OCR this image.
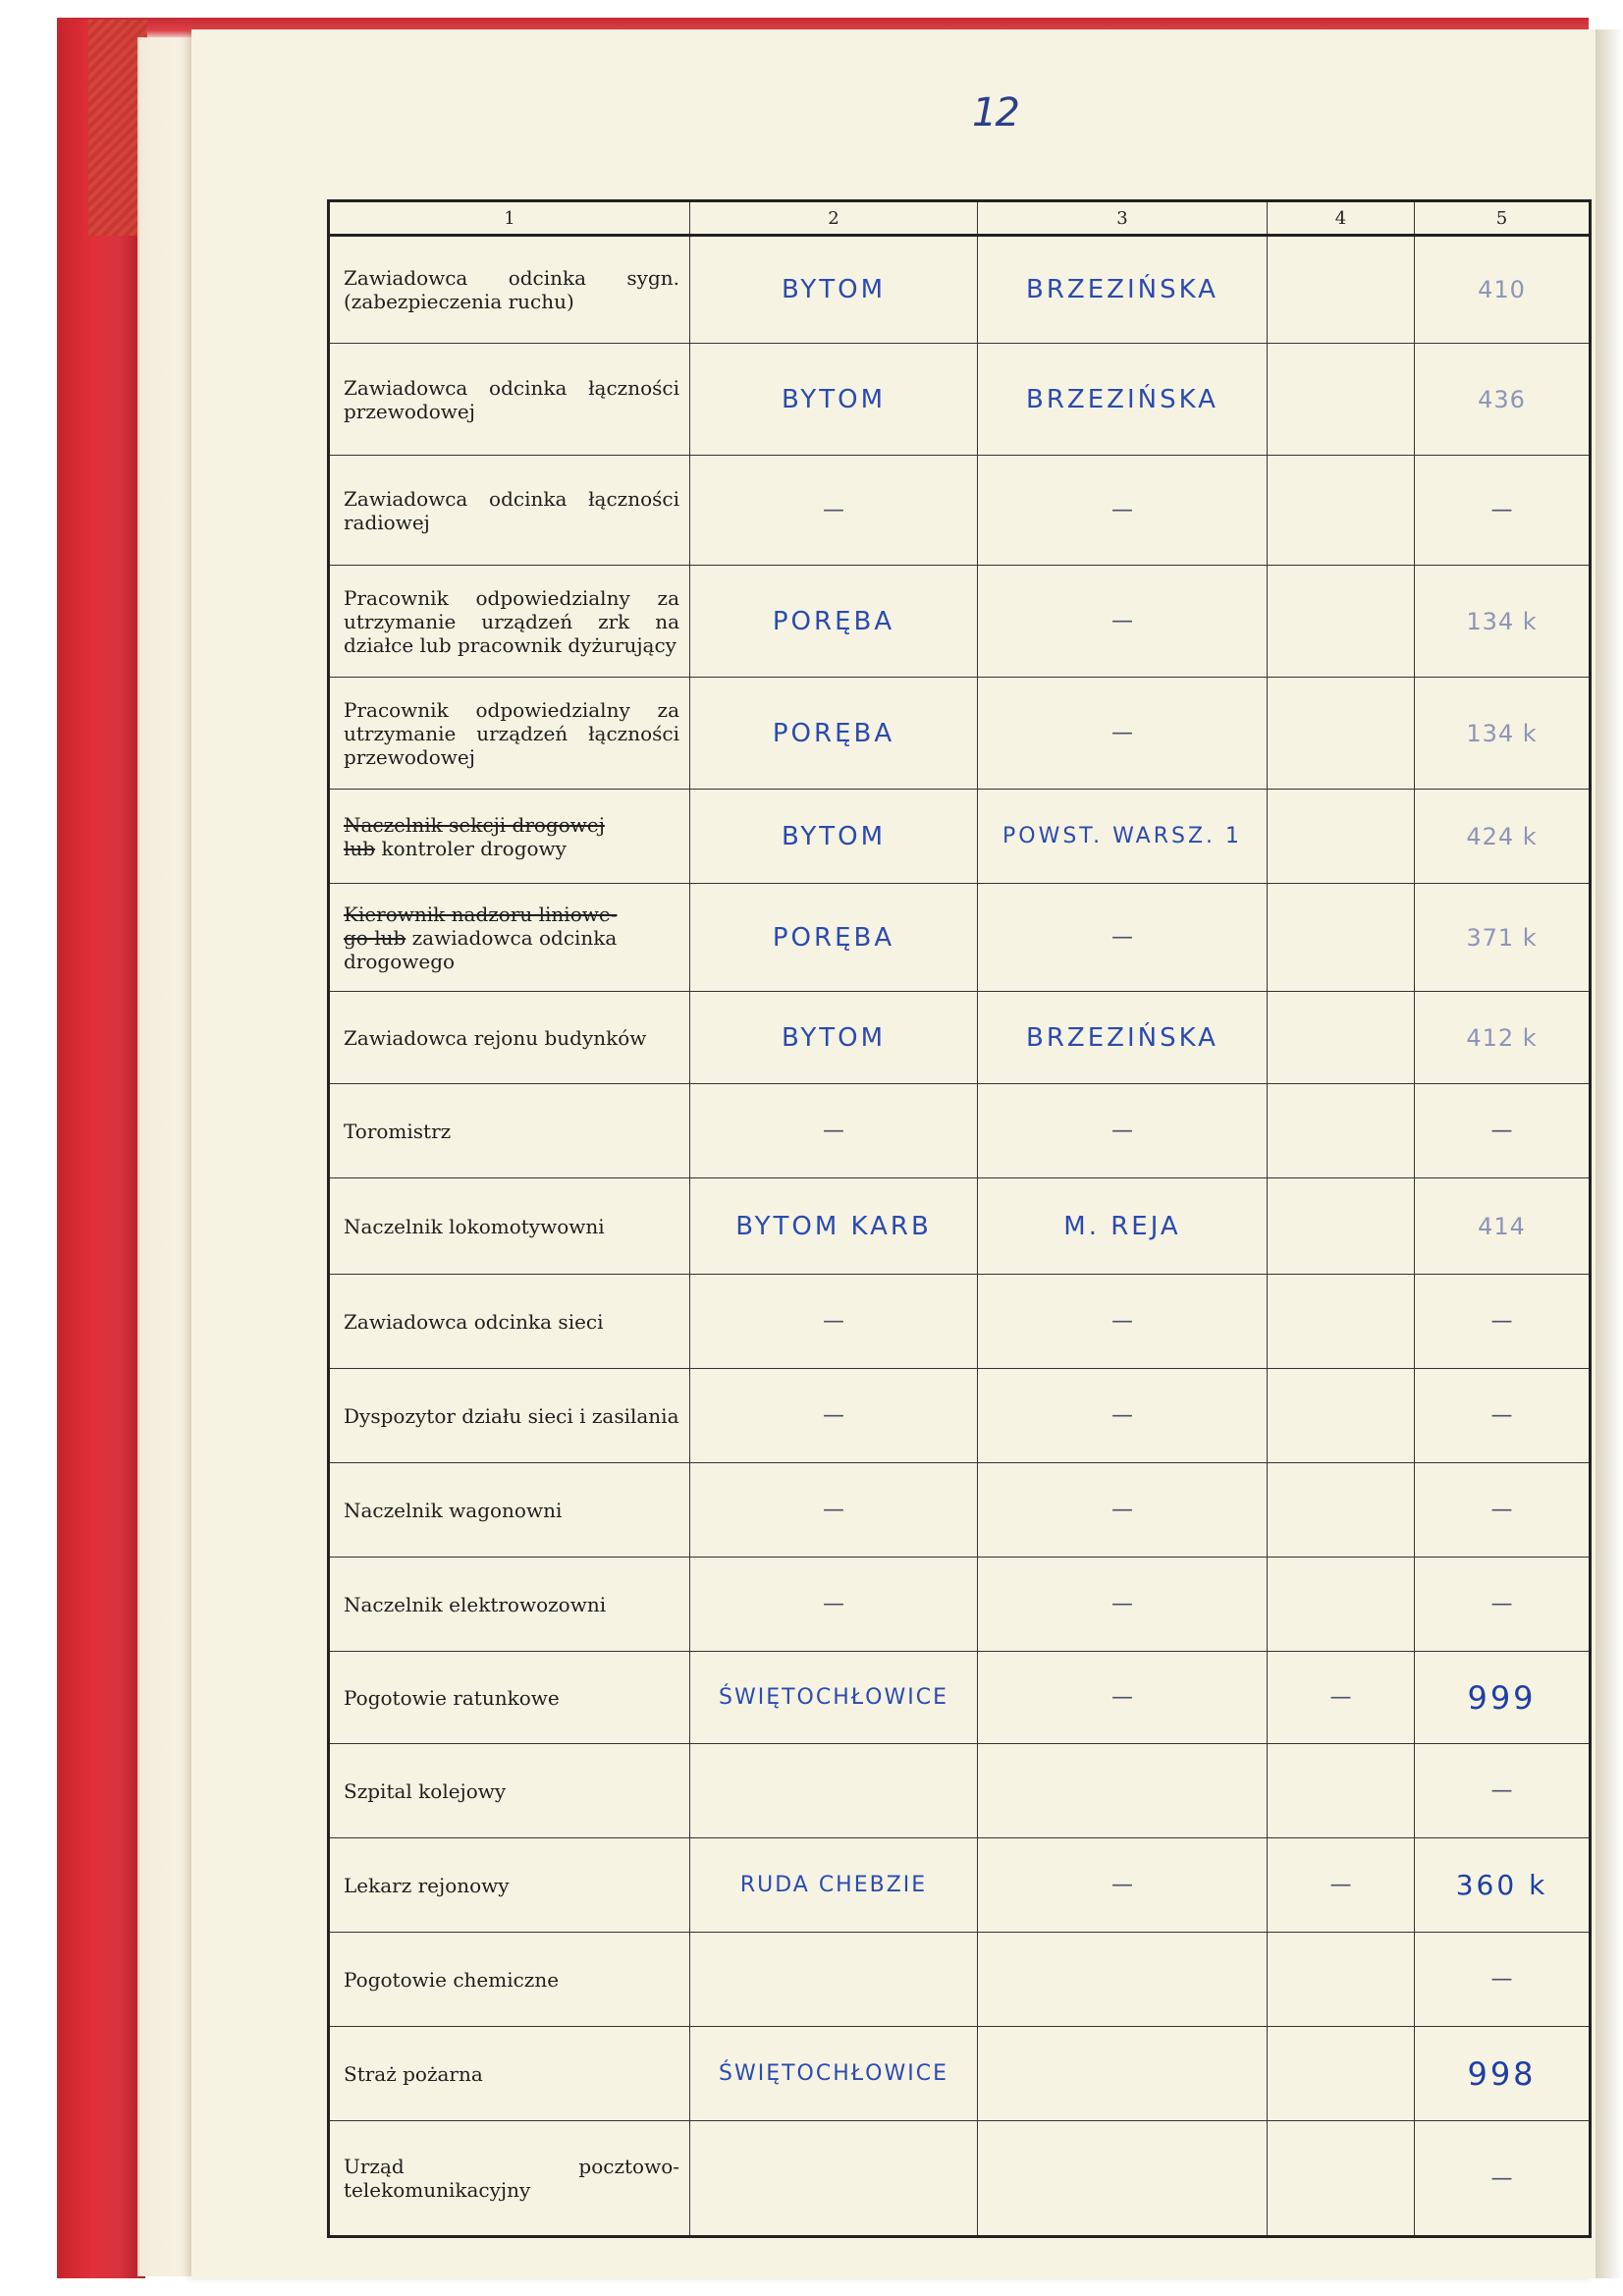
12
1	2	3	4	5
Zawiadowca odcinka sygn. (zabezpieczenia ruchu)	BYTOM	BRZEZIŃSKA		410
Zawiadowca odcinka łączności przewodowej	BYTOM	BRZEZIŃSKA		436
Zawiadowca odcinka łączności radiowej	—	—		—
Pracownik odpowiedzialny za utrzymanie urządzeń zrk na działce lub pracownik dyżurujący	PORĘBA	—		134 k
Pracownik odpowiedzialny za utrzymanie urządzeń łączności przewodowej	PORĘBA	—		134 k
Naczelnik sekcji drogowej
lub kontroler drogowy	BYTOM	POWST. WARSZ. 1		424 k
Kierownik nadzoru liniowe-
go lub zawiadowca odcinka drogowego	PORĘBA	—		371 k
Zawiadowca rejonu budynków	BYTOM	BRZEZIŃSKA		412 k
Toromistrz	—	—		—
Naczelnik lokomotywowni	BYTOM KARB	M. REJA		414
Zawiadowca odcinka sieci	—	—		—
Dyspozytor działu sieci i zasilania	—	—		—
Naczelnik wagonowni	—	—		—
Naczelnik elektrowozowni	—	—		—
Pogotowie ratunkowe	ŚWIĘTOCHŁOWICE	—	—	999
Szpital kolejowy				—
Lekarz rejonowy	RUDA CHEBZIE	—	—	360 k
Pogotowie chemiczne				—
Straż pożarna	ŚWIĘTOCHŁOWICE			998
Urząd pocztowo-telekomunikacyjny				—
